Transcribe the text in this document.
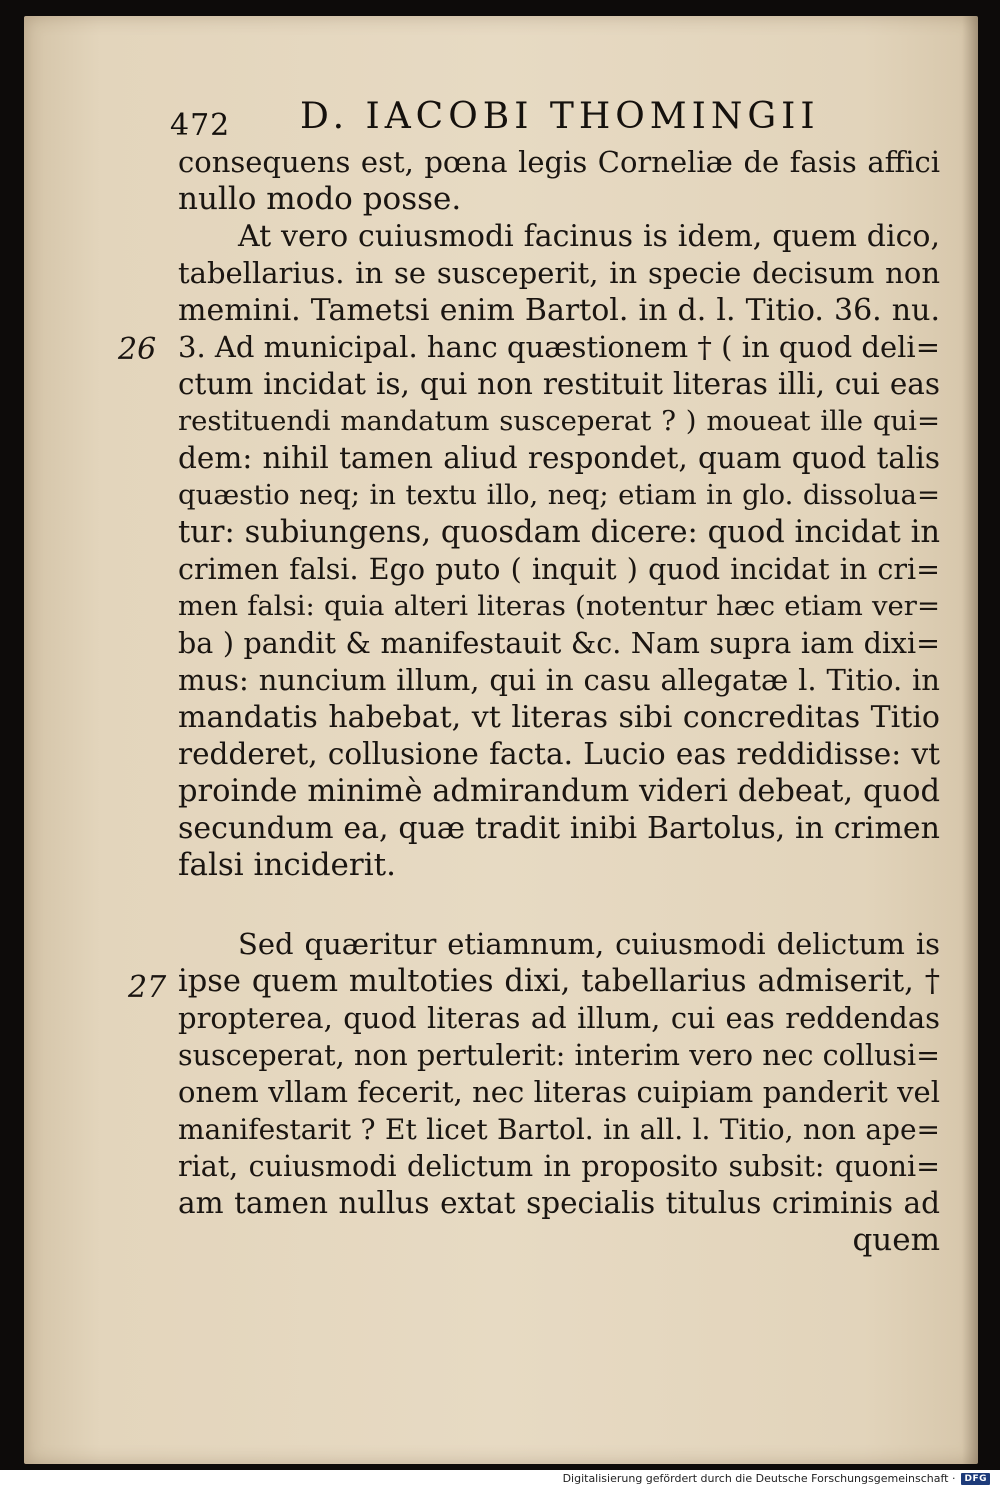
472 D. IACOBI THOMINGII
26
27
consequens est, pœna legis Corneliæ de fasis affici
nullo modo posse.
At vero cuiusmodi facinus is idem, quem dico,
tabellarius. in se susceperit, in specie decisum non
memini. Tametsi enim Bartol. in d. l. Titio. 36. nu.
3. Ad municipal. hanc quæstionem † ( in quod deli=
ctum incidat is, qui non restituit literas illi, cui eas
restituendi mandatum susceperat ? ) moueat ille qui=
dem: nihil tamen aliud respondet, quam quod talis
quæstio neq; in textu illo, neq; etiam in glo. dissolua=
tur: subiungens, quosdam dicere: quod incidat in
crimen falsi. Ego puto ( inquit ) quod incidat in cri=
men falsi: quia alteri literas (notentur hæc etiam ver=
ba ) pandit & manifestauit &c. Nam supra iam dixi=
mus: nuncium illum, qui in casu allegatæ l. Titio. in
mandatis habebat, vt literas sibi concreditas Titio
redderet, collusione facta. Lucio eas reddidisse: vt
proinde minimè admirandum videri debeat, quod
secundum ea, quæ tradit inibi Bartolus, in crimen
falsi inciderit.
Sed quæritur etiamnum, cuiusmodi delictum is
ipse quem multoties dixi, tabellarius admiserit, †
propterea, quod literas ad illum, cui eas reddendas
susceperat, non pertulerit: interim vero nec collusi=
onem vllam fecerit, nec literas cuipiam panderit vel
manifestarit ? Et licet Bartol. in all. l. Titio, non ape=
riat, cuiusmodi delictum in proposito subsit: quoni=
am tamen nullus extat specialis titulus criminis ad
quem
Digitalisierung gefördert durch die Deutsche Forschungsgemeinschaft ·	DFG
